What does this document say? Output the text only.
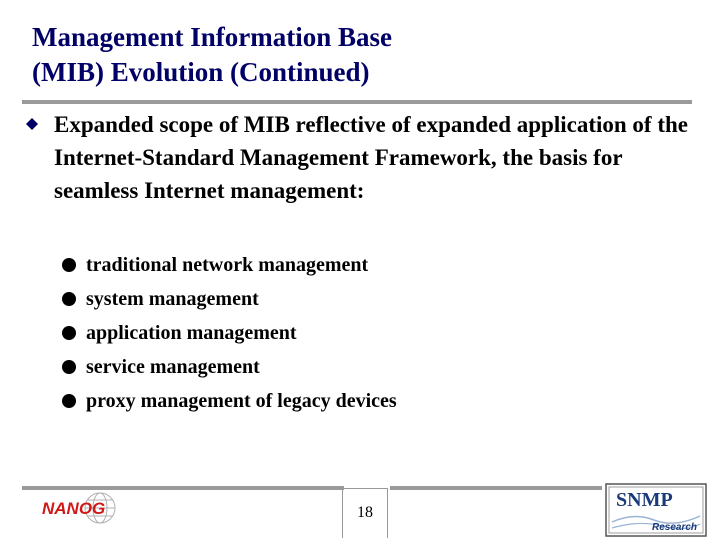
Management Information Base
(MIB) Evolution (Continued)
Expanded scope of MIB reflective of expanded application of the Internet-Standard Management Framework, the basis for seamless Internet management:
traditional network management
system management
application management
service management
proxy management of legacy devices
NANOG	18
SNMP
Research
